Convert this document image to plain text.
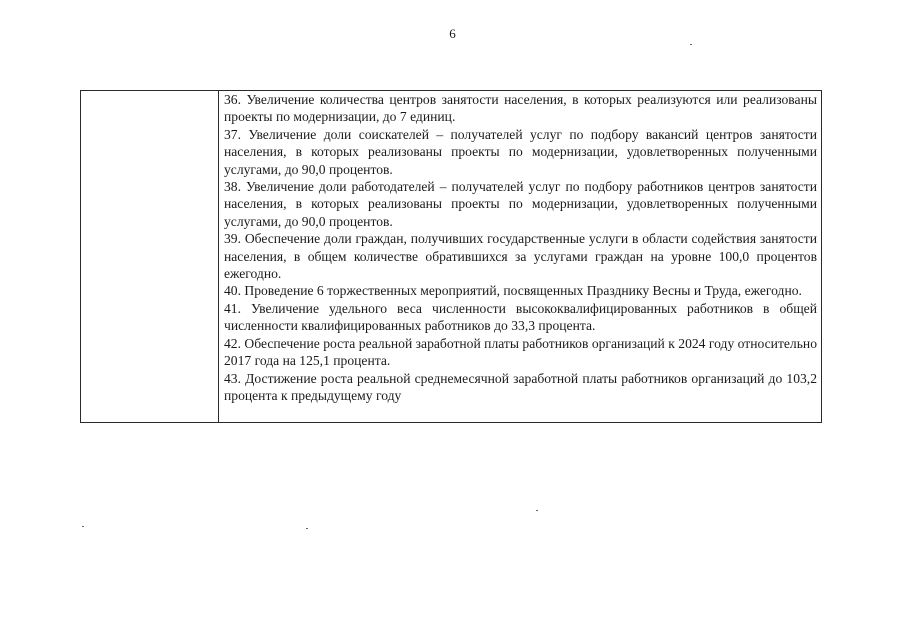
6

36. Увеличение количества центров занятости населения, в которых реализуются или реализованы проекты по модернизации, до 7 единиц.

37. Увеличение доли соискателей – получателей услуг по подбору вакансий центров занятости населения, в которых реализованы проекты по модернизации, удовлетворенных полученными услугами, до 90,0 процентов.

38. Увеличение доли работодателей – получателей услуг по подбору работников центров занятости населения, в которых реализованы проекты по модернизации, удовлетворенных полученными услугами, до 90,0 процентов.

39. Обеспечение доли граждан, получивших государственные услуги в области содействия занятости населения, в общем количестве обратившихся за услугами граждан на уровне 100,0 процентов ежегодно.

40. Проведение 6 торжественных мероприятий, посвященных Празднику Весны и Труда, ежегодно.

41. Увеличение удельного веса численности высококвалифицированных работников в общей численности квалифицированных работников до 33,3 процента.

42. Обеспечение роста реальной заработной платы работников организаций к 2024 году относительно 2017 года на 125,1 процента.

43. Достижение роста реальной среднемесячной заработной платы работников организаций до 103,2 процента к предыдущему году
